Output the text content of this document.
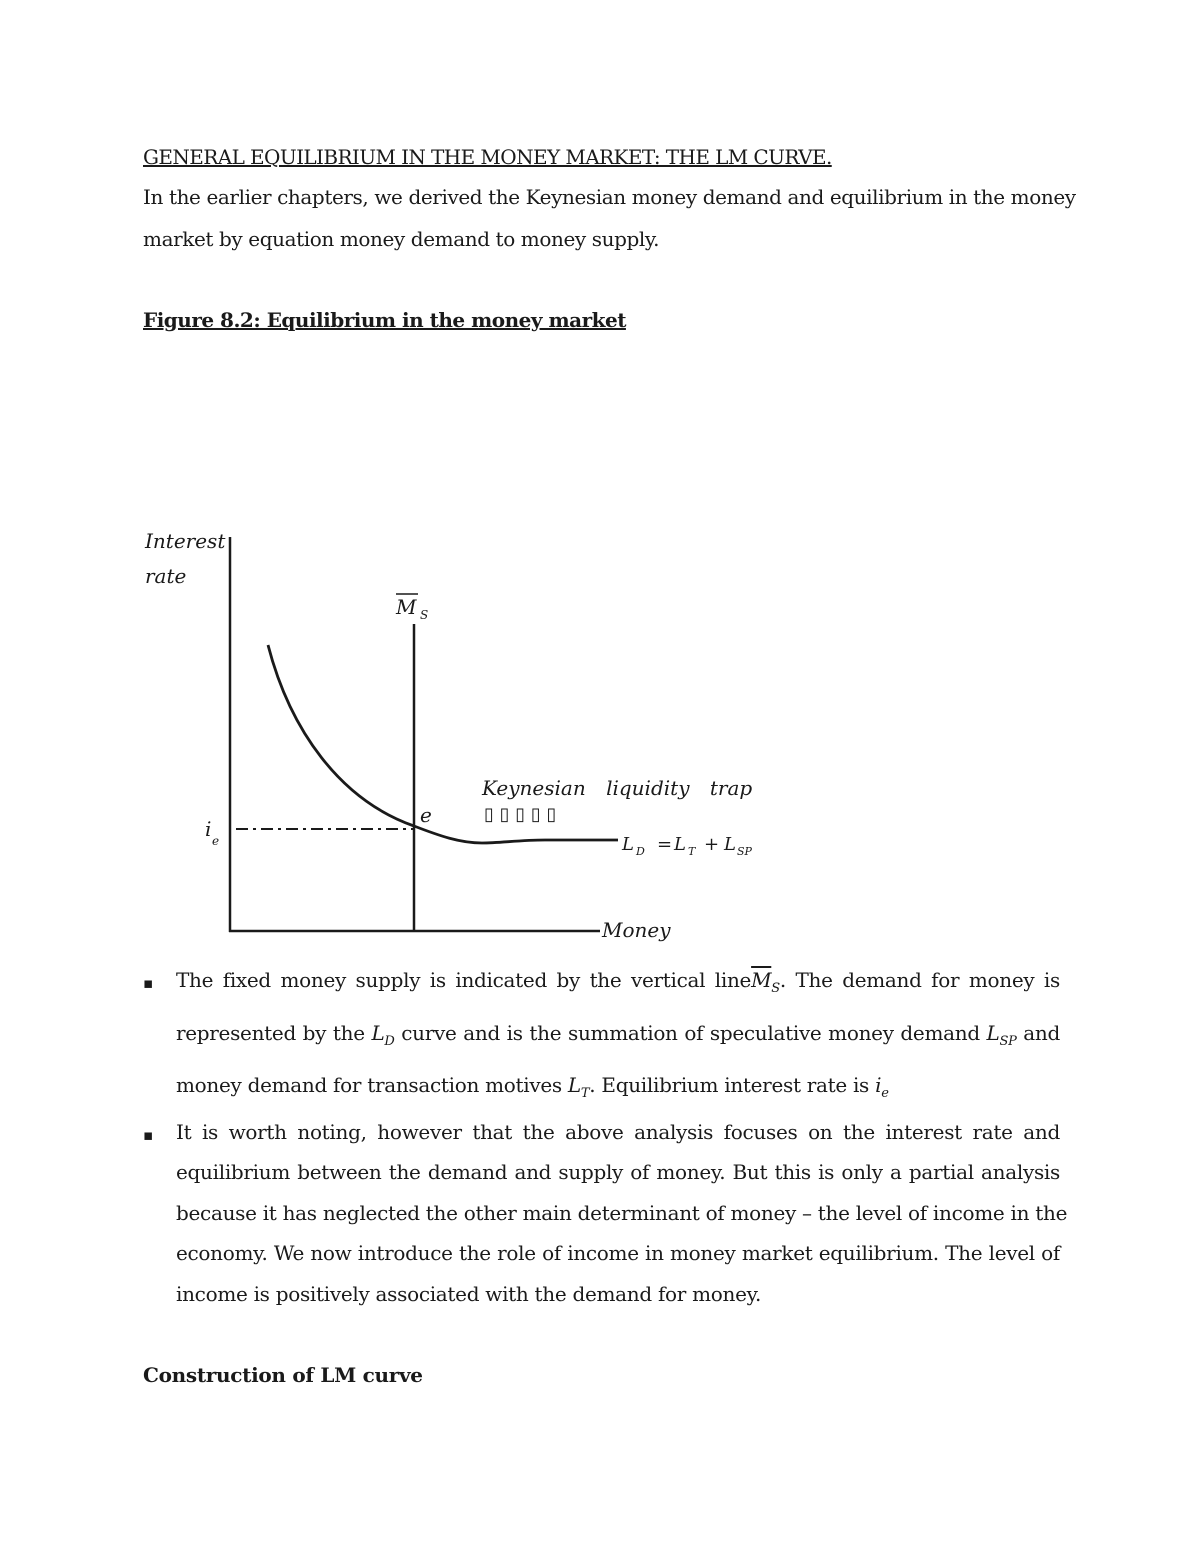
GENERAL EQUILIBRIUM IN THE MONEY MARKET: THE LM CURVE.
In the earlier chapters, we derived the Keynesian money demand and equilibrium in the money
market by equation money demand to money supply.
Figure 8.2: Equilibrium in the money market
Interest
rate
Money
M S
e
i e
Keynesian liquidity trap
▯ ▯ ▯ ▯ ▯
L D = L T + L SP
▪ The fixed money supply is indicated by the vertical $line\overline{M}_S$. The demand for money is
represented by the $L_D$ curve and is the summation of speculative money demand $L_{SP}$ and
money demand for transaction motives $L_T$. Equilibrium interest rate is $i_e$
▪ It is worth noting, however that the above analysis focuses on the interest rate and
equilibrium between the demand and supply of money. But this is only a partial analysis
because it has neglected the other main determinant of money – the level of income in the
economy. We now introduce the role of income in money market equilibrium. The level of
income is positively associated with the demand for money.
Construction of LM curve
